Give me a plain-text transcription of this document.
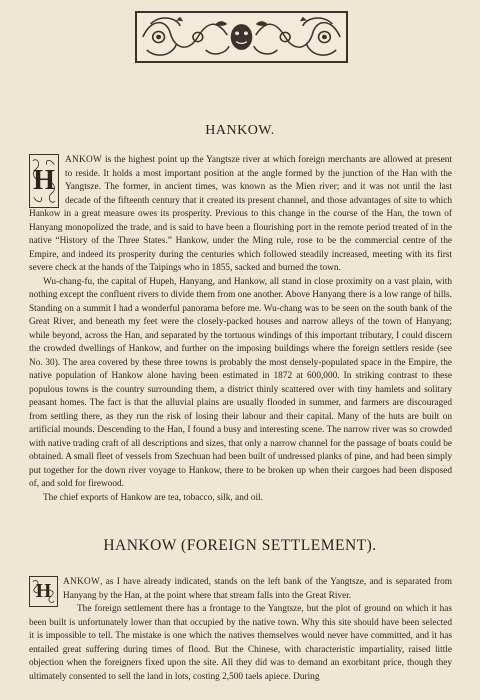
HANKOW.

H
ANKOW is the highest point up the Yangtsze river at which foreign merchants are allowed at present to reside. It holds a most important position at the angle formed by the junction of the Han with the Yangtsze. The former, in ancient times, was known as the Mien river; and it was not until the last decade of the fifteenth century that it created its present channel, and those advantages of site to which Hankow in a great measure owes its prosperity. Previous to this change in the course of the Han, the town of Hanyang monopolized the trade, and is said to have been a flourishing port in the remote period treated of in the native “History of the Three States.” Hankow, under the Ming rule, rose to be the commercial centre of the Empire, and indeed its prosperity during the centuries which followed steadily increased, meeting with its first severe check at the hands of the Taipings who in 1855, sacked and burned the town.

Wu-chang-fu, the capital of Hupeh, Hanyang, and Hankow, all stand in close proximity on a vast plain, with nothing except the confluent rivers to divide them from one another. Above Hanyang there is a low range of hills. Standing on a summit I had a wonderful panorama before me. Wu-chang was to be seen on the south bank of the Great River, and beneath my feet were the closely-packed houses and narrow alleys of the town of Hanyang; while beyond, across the Han, and separated by the tortuous windings of this important tributary, I could discern the crowded dwellings of Hankow, and further on the imposing buildings where the foreign settlers reside (see No. 30). The area covered by these three towns is probably the most densely-populated space in the Empire, the native population of Hankow alone having been estimated in 1872 at 600,000. In striking contrast to these populous towns is the country surrounding them, a district thinly scattered over with tiny hamlets and solitary peasant homes. The fact is that the alluvial plains are usually flooded in summer, and farmers are discouraged from settling there, as they run the risk of losing their labour and their capital. Many of the huts are built on artificial mounds. Descending to the Han, I found a busy and interesting scene. The narrow river was so crowded with native trading craft of all descriptions and sizes, that only a narrow channel for the passage of boats could be obtained. A small fleet of vessels from Szechuan had been built of undressed planks of pine, and had been simply put together for the down river voyage to Hankow, there to be broken up when their cargoes had been disposed of, and sold for firewood.

The chief exports of Hankow are tea, tobacco, silk, and oil.

HANKOW (FOREIGN SETTLEMENT).

H	ANKOW, as I have already indicated, stands on the left bank of the Yangtsze, and is separated from Hanyang by the Han, at the point where that stream falls into the Great River.

The foreign settlement there has a frontage to the Yangtsze, but the plot of ground on which it has been built is unfortunately lower than that occupied by the native town. Why this site should have been selected it is impossible to tell. The mistake is one which the natives themselves would never have committed, and it has entailed great suffering during times of flood. But the Chinese, with characteristic impartiality, raised little objection when the foreigners fixed upon the site. All they did was to demand an exorbitant price, though they ultimately consented to sell the land in lots, costing 2,500 taels apiece. During
